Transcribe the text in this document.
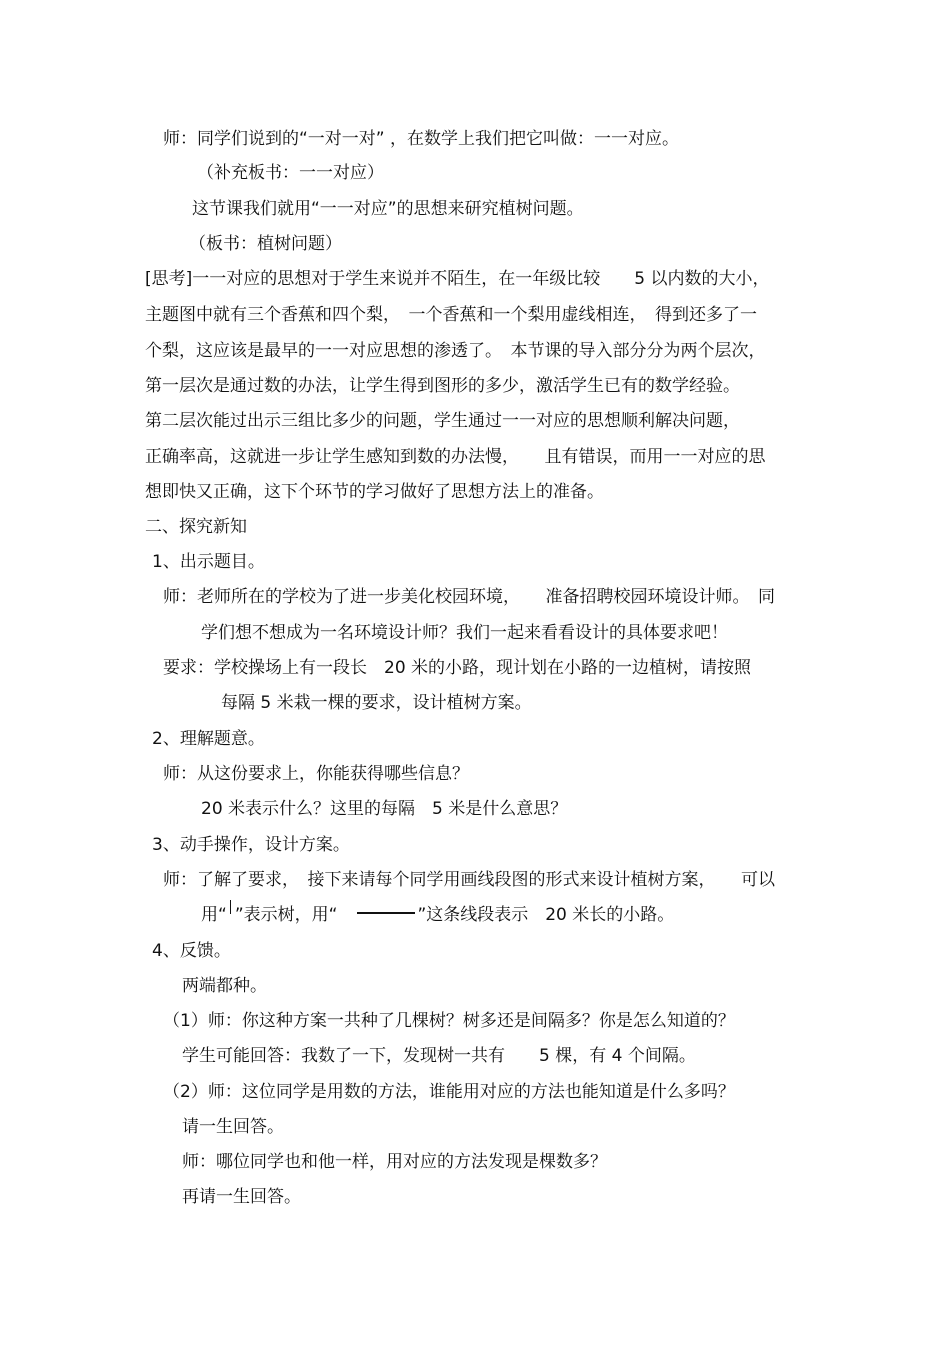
师：同学们说到的“一对一对” ，在数学上我们把它叫做：一一对应。
（补充板书：一一对应）
这节课我们就用“一一对应”的思想来研究植树问题。
（板书：植树问题）
[思考]一一对应的思想对于学生来说并不陌生，在一年级比较　　5 以内数的大小，
主题图中就有三个香蕉和四个梨，　一个香蕉和一个梨用虚线相连，　得到还多了一
个梨，这应该是最早的一一对应思想的渗透了。　本节课的导入部分分为两个层次，
第一层次是通过数的办法，让学生得到图形的多少，激活学生已有的数学经验。
第二层次能过出示三组比多少的问题，学生通过一一对应的思想顺利解决问题，
正确率高，这就进一步让学生感知到数的办法慢，　　且有错误，而用一一对应的思
想即快又正确，这下个环节的学习做好了思想方法上的准备。
二、探究新知
1、出示题目。
师：老师所在的学校为了进一步美化校园环境，　　准备招聘校园环境设计师。　同
学们想不想成为一名环境设计师？我们一起来看看设计的具体要求吧！
要求：学校操场上有一段长　20 米的小路，现计划在小路的一边植树，请按照
每隔 5 米栽一棵的要求，设计植树方案。
2、理解题意。
师：从这份要求上，你能获得哪些信息？
20 米表示什么？这里的每隔　5 米是什么意思？
3、动手操作，设计方案。
师：了解了要求，　接下来请每个同学用画线段图的形式来设计植树方案，　　可以
用“ ”表示树，用“	”这条线段表示　20 米长的小路。
4、反馈。
两端都种。
（1）师：你这种方案一共种了几棵树？树多还是间隔多？你是怎么知道的？
学生可能回答：我数了一下，发现树一共有　　5 棵，有 4 个间隔。
（2）师：这位同学是用数的方法，谁能用对应的方法也能知道是什么多吗？
请一生回答。
师：哪位同学也和他一样，用对应的方法发现是棵数多？
再请一生回答。
